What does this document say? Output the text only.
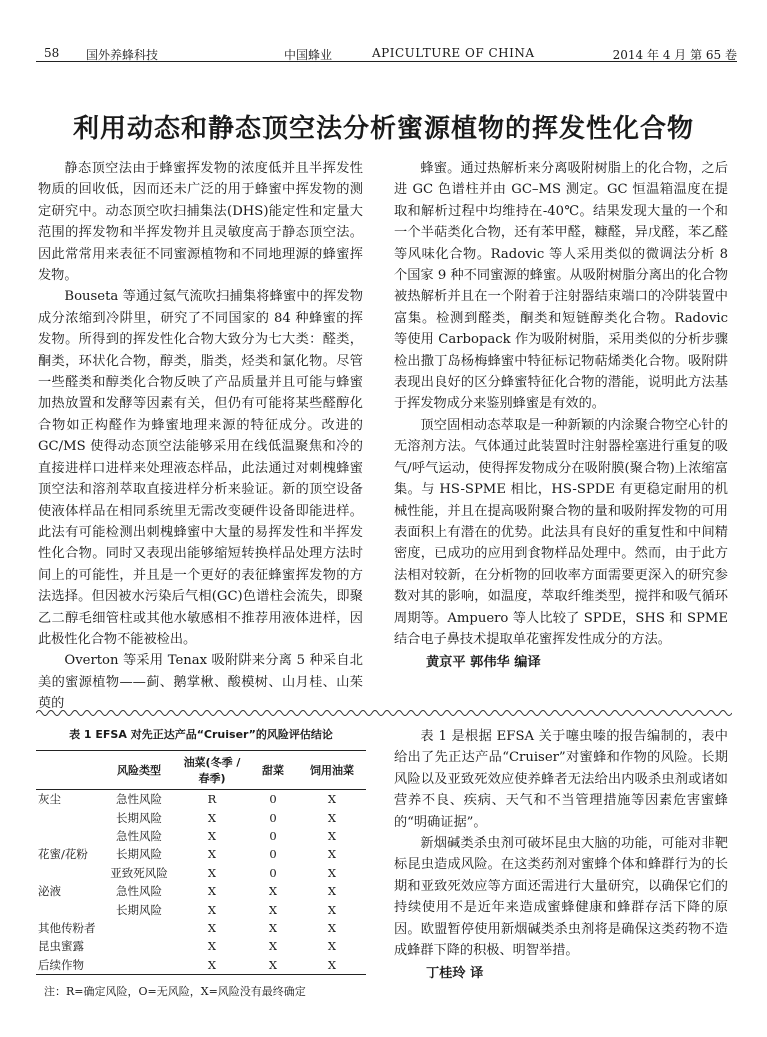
58 国外养蜂科技	中国蜂业	APICULTURE OF CHINA	2014 年 4 月 第 65 卷
利用动态和静态顶空法分析蜜源植物的挥发性化合物

静态顶空法由于蜂蜜挥发物的浓度低并且半挥发性物质的回收低，因而还未广泛的用于蜂蜜中挥发物的测定研究中。动态顶空吹扫捕集法(DHS)能定性和定量大范围的挥发物和半挥发物并且灵敏度高于静态顶空法。因此常常用来表征不同蜜源植物和不同地理源的蜂蜜挥发物。

Bouseta 等通过氦气流吹扫捕集将蜂蜜中的挥发物成分浓缩到冷阱里，研究了不同国家的 84 种蜂蜜的挥发物。所得到的挥发性化合物大致分为七大类：醛类，酮类，环状化合物，醇类，脂类，烃类和氯化物。尽管一些醛类和醇类化合物反映了产品质量并且可能与蜂蜜加热放置和发酵等因素有关，但仍有可能将某些醛醇化合物如正构醛作为蜂蜜地理来源的特征成分。改进的 GC/MS 使得动态顶空法能够采用在线低温聚焦和冷的直接进样口进样来处理液态样品，此法通过对刺槐蜂蜜顶空法和溶剂萃取直接进样分析来验证。新的顶空设备使液体样品在相同系统里无需改变硬件设备即能进样。此法有可能检测出刺槐蜂蜜中大量的易挥发性和半挥发性化合物。同时又表现出能够缩短转换样品处理方法时间上的可能性，并且是一个更好的表征蜂蜜挥发物的方法选择。但因被水污染后气相(GC)色谱柱会流失，即聚乙二醇毛细管柱或其他水敏感相不推荐用液体进样，因此极性化合物不能被检出。

Overton 等采用 Tenax 吸附阱来分离 5 种采自北美的蜜源植物——蓟、鹅掌楸、酸模树、山月桂、山茱萸的

蜂蜜。通过热解析来分离吸附树脂上的化合物，之后进 GC 色谱柱并由 GC–MS 测定。GC 恒温箱温度在提取和解析过程中均维持在-40℃。结果发现大量的一个和一个半萜类化合物，还有苯甲醛，糠醛，异戊醛，苯乙醛等风味化合物。Radovic 等人采用类似的微调法分析 8 个国家 9 种不同蜜源的蜂蜜。从吸附树脂分离出的化合物被热解析并且在一个附着于注射器结束端口的冷阱装置中富集。检测到醛类，酮类和短链醇类化合物。Radovic 等使用 Carbopack 作为吸附树脂，采用类似的分析步骤检出撒丁岛杨梅蜂蜜中特征标记物萜烯类化合物。吸附阱表现出良好的区分蜂蜜特征化合物的潜能，说明此方法基于挥发物成分来鉴别蜂蜜是有效的。

顶空固相动态萃取是一种新颖的内涂聚合物空心针的无溶剂方法。气体通过此装置时注射器栓塞进行重复的吸气/呼气运动，使得挥发物成分在吸附膜(聚合物)上浓缩富集。与 HS-SPME 相比，HS-SPDE 有更稳定耐用的机械性能，并且在提高吸附聚合物的量和吸附挥发物的可用表面积上有潜在的优势。此法具有良好的重复性和中间精密度，已成功的应用到食物样品处理中。然而，由于此方法相对较新，在分析物的回收率方面需要更深入的研究参数对其的影响，如温度，萃取纤维类型，搅拌和吸气循环周期等。Ampuero 等人比较了 SPDE，SHS 和 SPME 结合电子鼻技术提取单花蜜挥发性成分的方法。

黄京平 郭伟华 编译

表 1 EFSA 对先正达产品“Cruiser”的风险评估结论
	风险类型	油菜(冬季 / 春季)	甜菜	饲用油菜
灰尘	急性风险	R	0	X
	长期风险	X	0	X
	急性风险	X	0	X
花蜜/花粉	长期风险	X	0	X
	亚致死风险	X	0	X
泌液	急性风险	X	X	X
	长期风险	X	X	X
其他传粉者		X	X	X
昆虫蜜露		X	X	X
后续作物		X	X	X
注：R=确定风险，O=无风险，X=风险没有最终确定

表 1 是根据 EFSA 关于噻虫嗪的报告编制的，表中给出了先正达产品“Cruiser”对蜜蜂和作物的风险。长期风险以及亚致死效应使养蜂者无法给出内吸杀虫剂或诸如营养不良、疾病、天气和不当管理措施等因素危害蜜蜂的“明确证据”。

新烟碱类杀虫剂可破坏昆虫大脑的功能，可能对非靶标昆虫造成风险。在这类药剂对蜜蜂个体和蜂群行为的长期和亚致死效应等方面还需进行大量研究，以确保它们的持续使用不是近年来造成蜜蜂健康和蜂群存活下降的原因。欧盟暂停使用新烟碱类杀虫剂将是确保这类药物不造成蜂群下降的积极、明智举措。

丁桂玲 译
